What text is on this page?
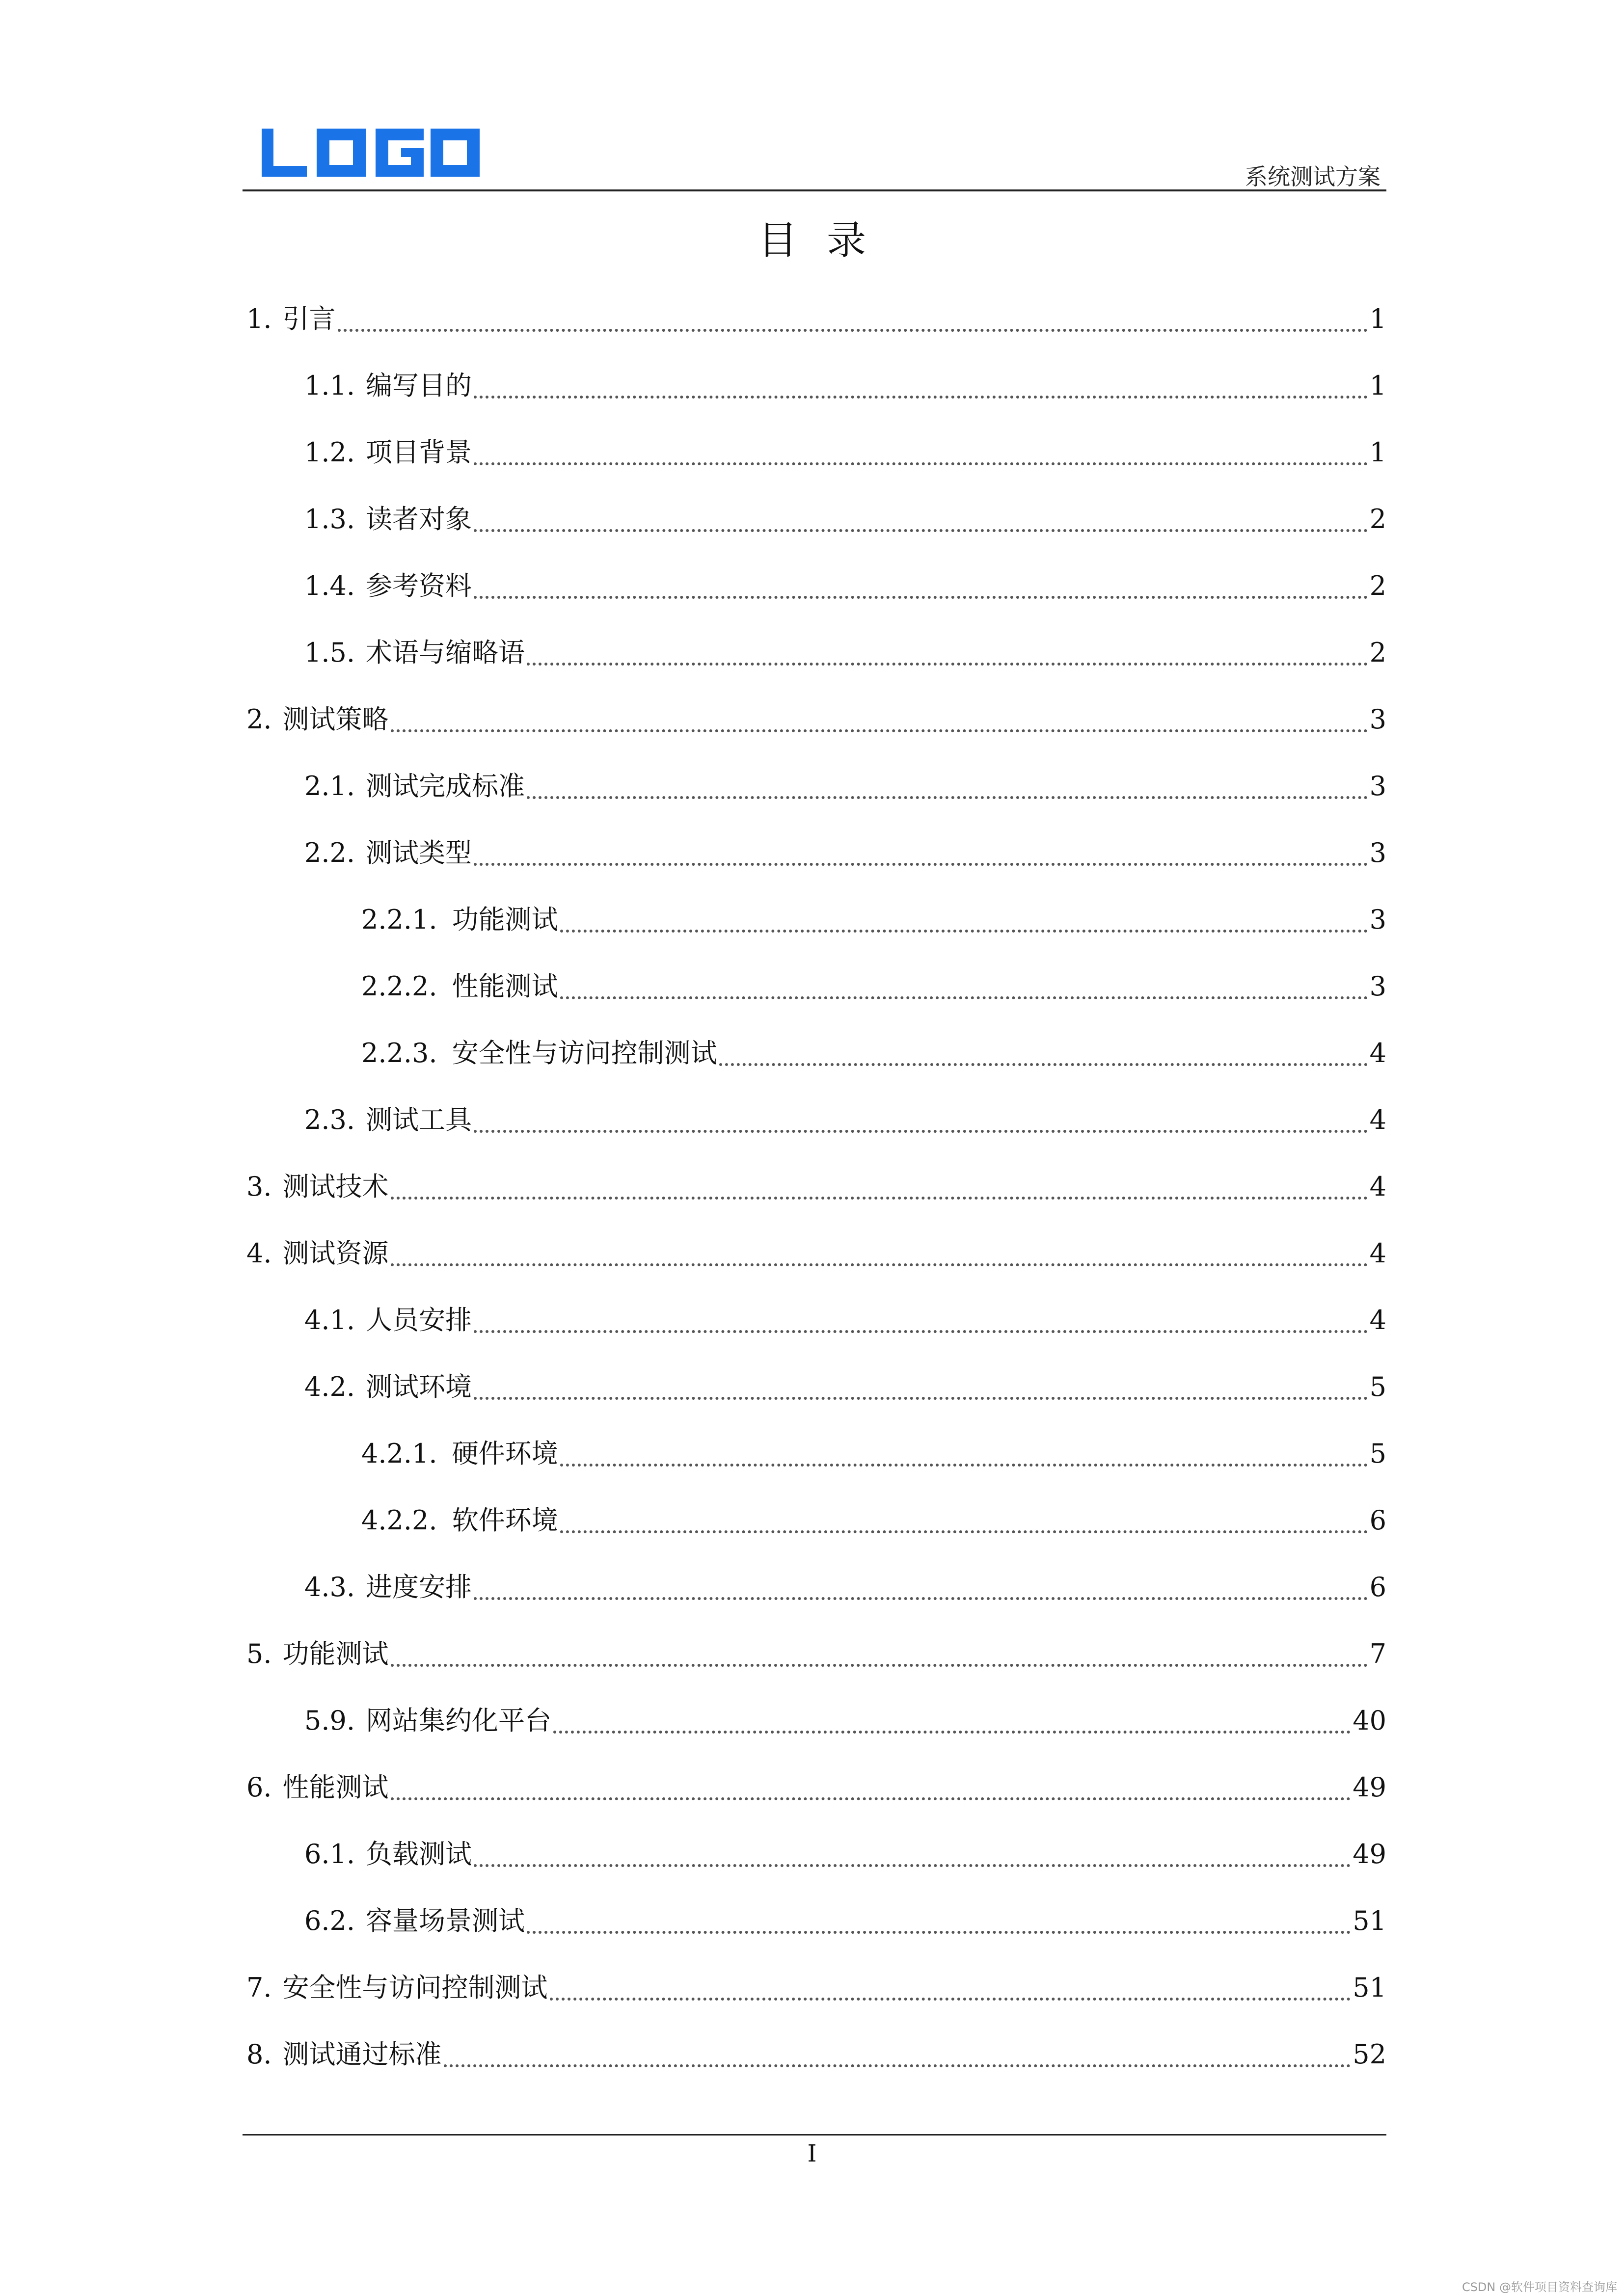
系统测试方案
目录
1. 引言	1
1.1. 编写目的	1
1.2. 项目背景	1
1.3. 读者对象	2
1.4. 参考资料	2
1.5. 术语与缩略语	2
2. 测试策略	3
2.1. 测试完成标准	3
2.2. 测试类型	3
2.2.1. 功能测试	3
2.2.2. 性能测试	3
2.2.3. 安全性与访问控制测试	4
2.3. 测试工具	4
3. 测试技术	4
4. 测试资源	4
4.1. 人员安排	4
4.2. 测试环境	5
4.2.1. 硬件环境	5
4.2.2. 软件环境	6
4.3. 进度安排	6
5. 功能测试	7
5.9. 网站集约化平台	40
6. 性能测试	49
6.1. 负载测试	49
6.2. 容量场景测试	51
7. 安全性与访问控制测试	51
8. 测试通过标准	52
I
CSDN @软件项目资料查询库
